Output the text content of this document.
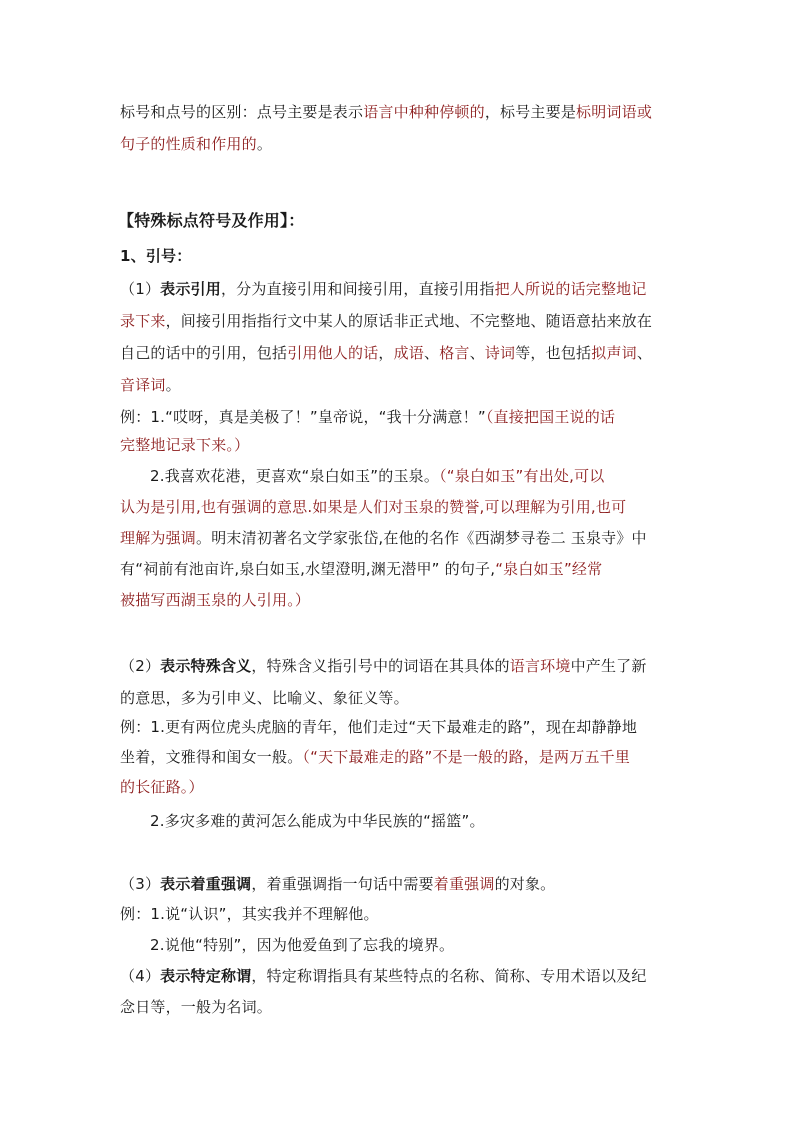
标号和点号的区别：点号主要是表示语言中种种停顿的，标号主要是标明词语或
句子的性质和作用的。
【特殊标点符号及作用】：
1、引号：
（1）表示引用，分为直接引用和间接引用，直接引用指把人所说的话完整地记
录下来，间接引用指指行文中某人的原话非正式地、不完整地、随语意拈来放在
自己的话中的引用，包括引用他人的话，成语、格言、诗词等，也包括拟声词、
音译词。
例：1.“哎呀，真是美极了！”皇帝说，“我十分满意！”（直接把国王说的话
完整地记录下来。）
2.我喜欢花港，更喜欢“泉白如玉”的玉泉。（“泉白如玉”有出处,可以
认为是引用,也有强调的意思.如果是人们对玉泉的赞誉,可以理解为引用,也可
理解为强调。明末清初著名文学家张岱,在他的名作《西湖梦寻卷二 玉泉寺》中
有“祠前有池亩许,泉白如玉,水望澄明,渊无潜甲” 的句子,“泉白如玉”经常
被描写西湖玉泉的人引用。）
（2）表示特殊含义，特殊含义指引号中的词语在其具体的语言环境中产生了新
的意思，多为引申义、比喻义、象征义等。
例：1.更有两位虎头虎脑的青年，他们走过“天下最难走的路”，现在却静静地
坐着，文雅得和闺女一般。（“天下最难走的路”不是一般的路，是两万五千里
的长征路。）
2.多灾多难的黄河怎么能成为中华民族的“摇篮”。
（3）表示着重强调，着重强调指一句话中需要着重强调的对象。
例：1.说“认识”，其实我并不理解他。
2.说他“特别”，因为他爱鱼到了忘我的境界。
（4）表示特定称谓，特定称谓指具有某些特点的名称、简称、专用术语以及纪
念日等，一般为名词。
